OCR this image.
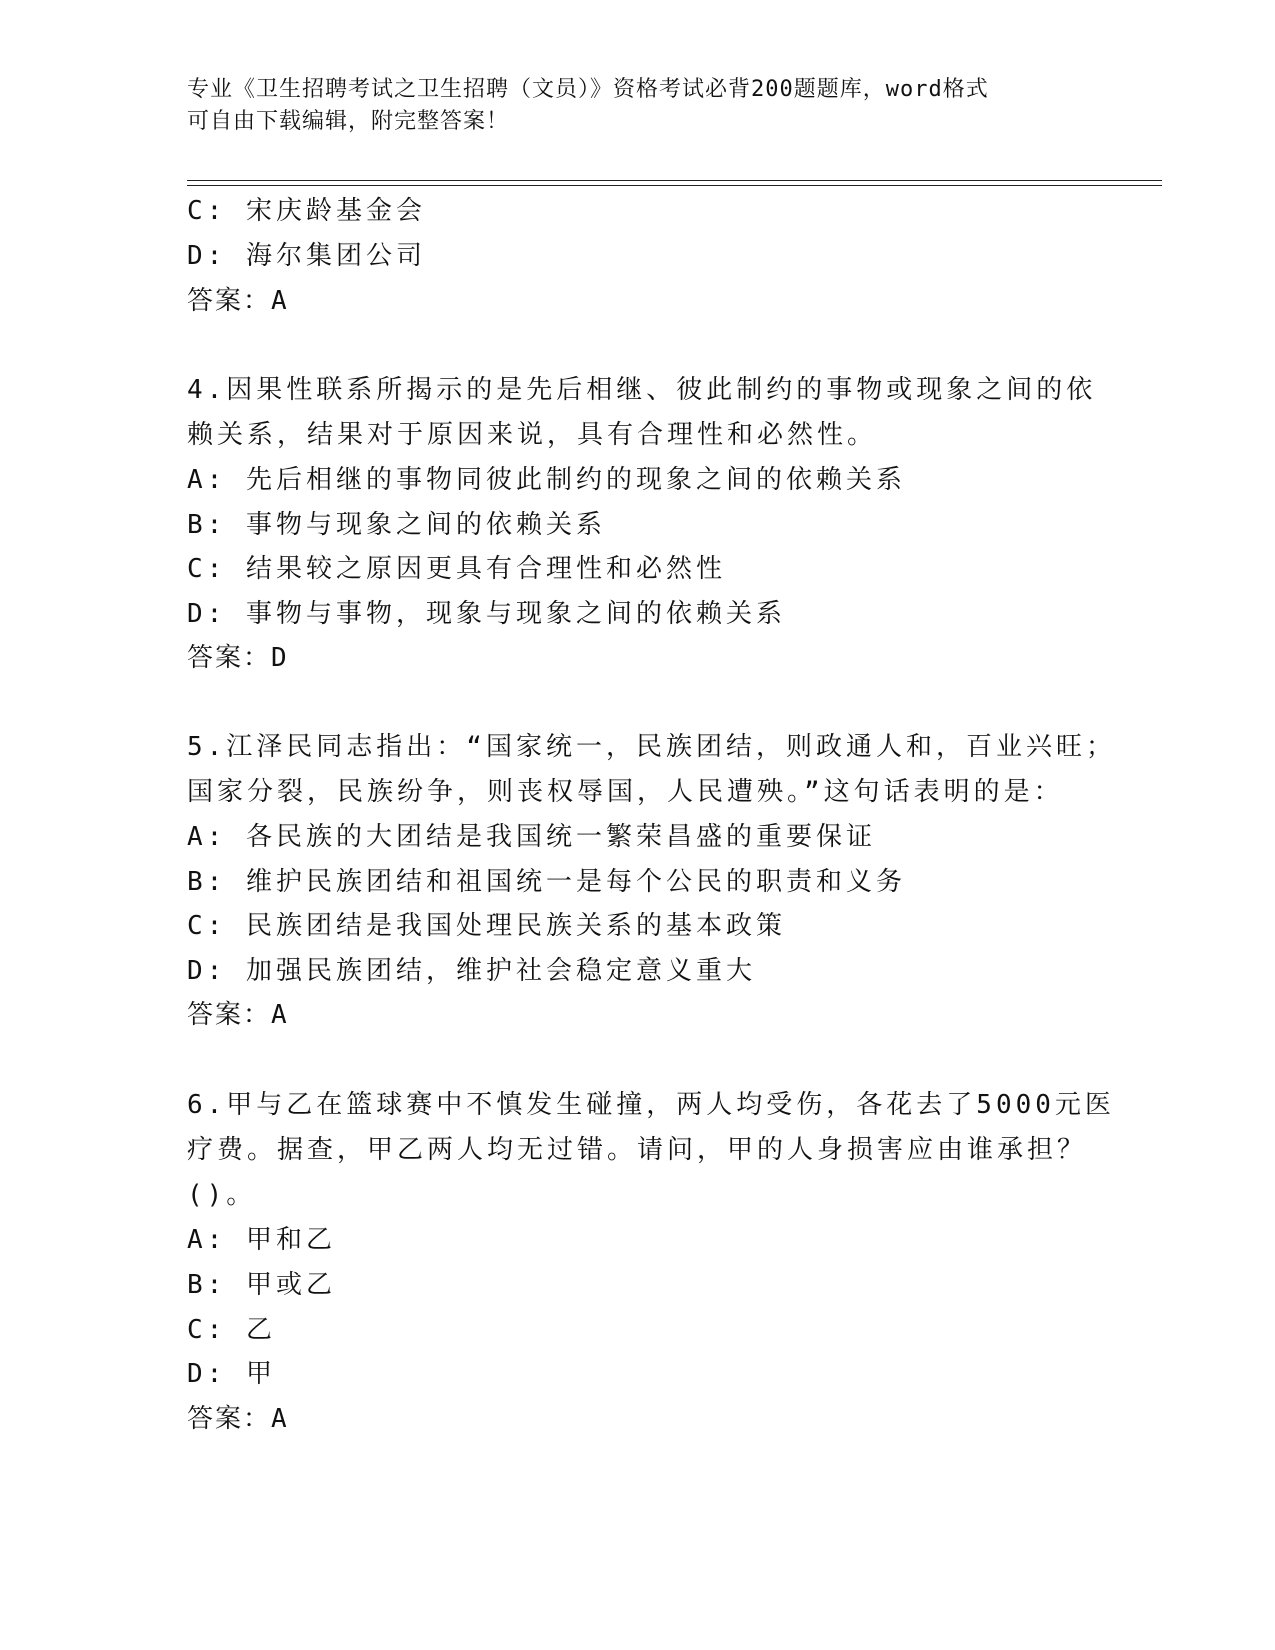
专业《卫生招聘考试之卫生招聘（文员）》资格考试必背200题题库，word格式
可自由下载编辑，附完整答案！
C: 宋庆龄基金会
D: 海尔集团公司
答案：A
4.因果性联系所揭示的是先后相继、彼此制约的事物或现象之间的依
赖关系，结果对于原因来说，具有合理性和必然性。
A: 先后相继的事物同彼此制约的现象之间的依赖关系
B: 事物与现象之间的依赖关系
C: 结果较之原因更具有合理性和必然性
D: 事物与事物，现象与现象之间的依赖关系
答案：D
5.江泽民同志指出：“国家统一，民族团结，则政通人和，百业兴旺；
国家分裂，民族纷争，则丧权辱国，人民遭殃。”这句话表明的是：
A: 各民族的大团结是我国统一繁荣昌盛的重要保证
B: 维护民族团结和祖国统一是每个公民的职责和义务
C: 民族团结是我国处理民族关系的基本政策
D: 加强民族团结，维护社会稳定意义重大
答案：A
6.甲与乙在篮球赛中不慎发生碰撞，两人均受伤，各花去了5000元医
疗费。据查，甲乙两人均无过错。请问，甲的人身损害应由谁承担？
()。
A: 甲和乙
B: 甲或乙
C: 乙
D: 甲
答案：A
